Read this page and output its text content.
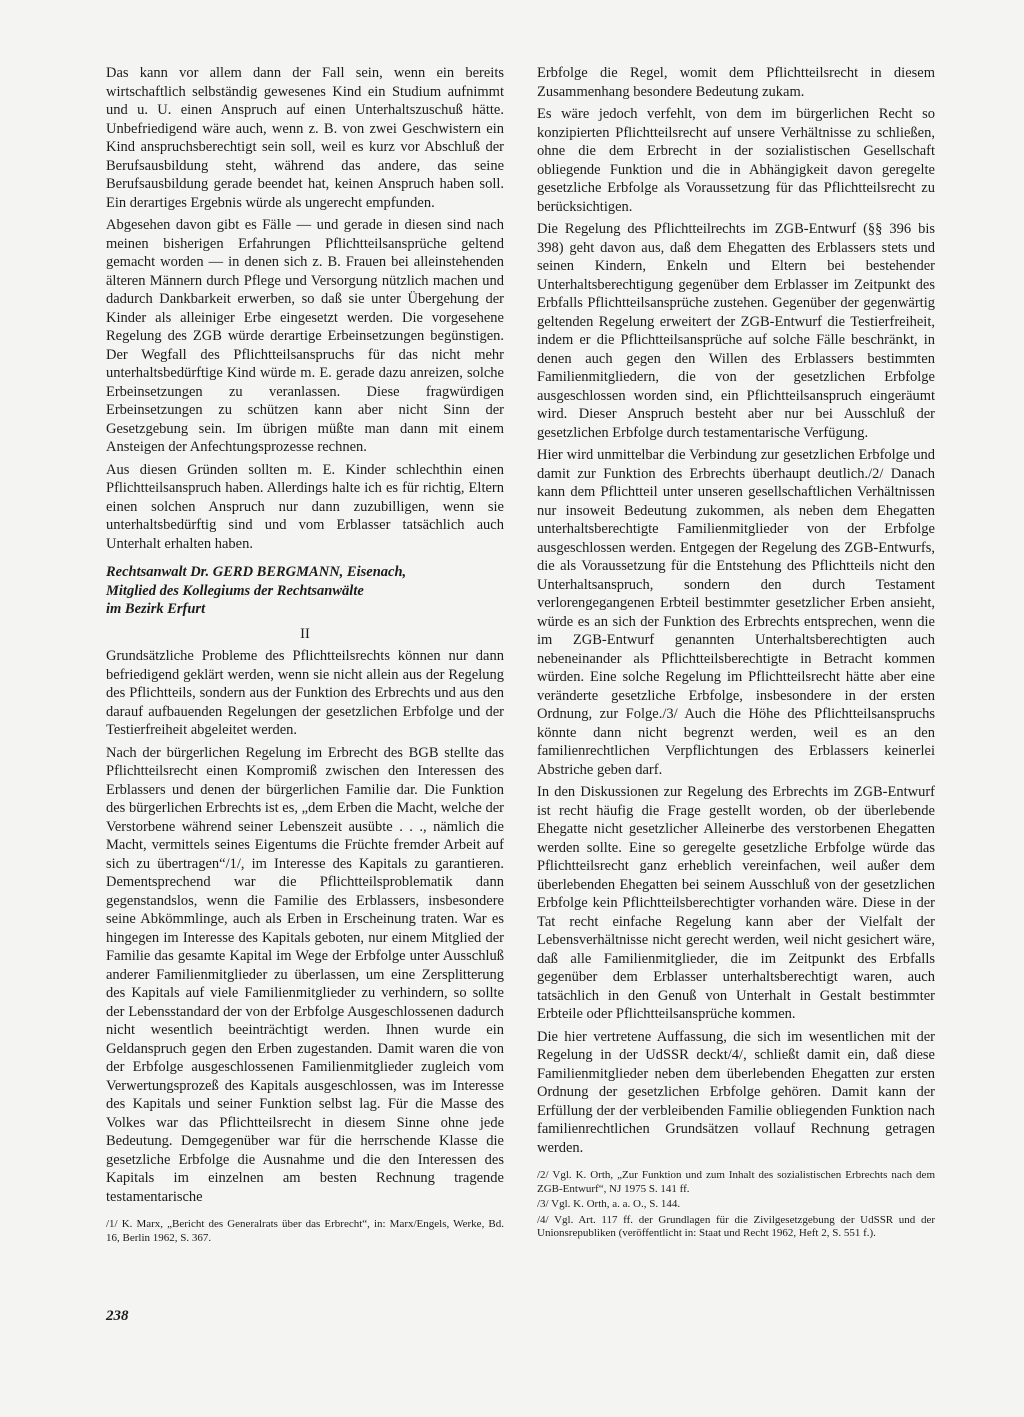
Das kann vor allem dann der Fall sein, wenn ein bereits wirtschaftlich selbständig gewesenes Kind ein Studium aufnimmt und u. U. einen Anspruch auf einen Unterhaltszuschuß hätte. Unbefriedigend wäre auch, wenn z. B. von zwei Geschwistern ein Kind anspruchsberechtigt sein soll, weil es kurz vor Abschluß der Berufsausbildung steht, während das andere, das seine Berufsausbildung gerade beendet hat, keinen Anspruch haben soll. Ein derartiges Ergebnis würde als ungerecht empfunden.

Abgesehen davon gibt es Fälle — und gerade in diesen sind nach meinen bisherigen Erfahrungen Pflichtteilsansprüche geltend gemacht worden — in denen sich z. B. Frauen bei alleinstehenden älteren Männern durch Pflege und Versorgung nützlich machen und dadurch Dankbarkeit erwerben, so daß sie unter Übergehung der Kinder als alleiniger Erbe eingesetzt werden. Die vorgesehene Regelung des ZGB würde derartige Erbeinsetzungen begünstigen. Der Wegfall des Pflichtteilsanspruchs für das nicht mehr unterhaltsbedürftige Kind würde m. E. gerade dazu anreizen, solche Erbeinsetzungen zu veranlassen. Diese fragwürdigen Erbeinsetzungen zu schützen kann aber nicht Sinn der Gesetzgebung sein. Im übrigen müßte man dann mit einem Ansteigen der Anfechtungsprozesse rechnen.

Aus diesen Gründen sollten m. E. Kinder schlechthin einen Pflichtteilsanspruch haben. Allerdings halte ich es für richtig, Eltern einen solchen Anspruch nur dann zuzubilligen, wenn sie unterhaltsbedürftig sind und vom Erblasser tatsächlich auch Unterhalt erhalten haben.

Rechtsanwalt Dr. GERD BERGMANN, Eisenach,
Mitglied des Kollegiums der Rechtsanwälte
im Bezirk Erfurt
II

Grundsätzliche Probleme des Pflichtteilsrechts können nur dann befriedigend geklärt werden, wenn sie nicht allein aus der Regelung des Pflichtteils, sondern aus der Funktion des Erbrechts und aus den darauf aufbauenden Regelungen der gesetzlichen Erbfolge und der Testierfreiheit abgeleitet werden.

Nach der bürgerlichen Regelung im Erbrecht des BGB stellte das Pflichtteilsrecht einen Kompromiß zwischen den Interessen des Erblassers und denen der bürgerlichen Familie dar. Die Funktion des bürgerlichen Erbrechts ist es, „dem Erben die Macht, welche der Verstorbene während seiner Lebenszeit ausübte . . ., nämlich die Macht, vermittels seines Eigentums die Früchte fremder Arbeit auf sich zu übertragen“/1/, im Interesse des Kapitals zu garantieren. Dementsprechend war die Pflichtteilsproblematik dann gegenstandslos, wenn die Familie des Erblassers, insbesondere seine Abkömmlinge, auch als Erben in Erscheinung traten. War es hingegen im Interesse des Kapitals geboten, nur einem Mitglied der Familie das gesamte Kapital im Wege der Erbfolge unter Ausschluß anderer Familienmitglieder zu überlassen, um eine Zersplitterung des Kapitals auf viele Familienmitglieder zu verhindern, so sollte der Lebensstandard der von der Erbfolge Ausgeschlossenen dadurch nicht wesentlich beeinträchtigt werden. Ihnen wurde ein Geldanspruch gegen den Erben zugestanden. Damit waren die von der Erbfolge ausgeschlossenen Familienmitglieder zugleich vom Verwertungsprozeß des Kapitals ausgeschlossen, was im Interesse des Kapitals und seiner Funktion selbst lag. Für die Masse des Volkes war das Pflichtteilsrecht in diesem Sinne ohne jede Bedeutung. Demgegenüber war für die herrschende Klasse die gesetzliche Erbfolge die Ausnahme und die den Interessen des Kapitals im einzelnen am besten Rechnung tragende testamentarische

/1/ K. Marx, „Bericht des Generalrats über das Erbrecht“, in: Marx/Engels, Werke, Bd. 16, Berlin 1962, S. 367.

Erbfolge die Regel, womit dem Pflichtteilsrecht in diesem Zusammenhang besondere Bedeutung zukam.

Es wäre jedoch verfehlt, von dem im bürgerlichen Recht so konzipierten Pflichtteilsrecht auf unsere Verhältnisse zu schließen, ohne die dem Erbrecht in der sozialistischen Gesellschaft obliegende Funktion und die in Abhängigkeit davon geregelte gesetzliche Erbfolge als Voraussetzung für das Pflichtteilsrecht zu berücksichtigen.

Die Regelung des Pflichtteilrechts im ZGB-Entwurf (§§ 396 bis 398) geht davon aus, daß dem Ehegatten des Erblassers stets und seinen Kindern, Enkeln und Eltern bei bestehender Unterhaltsberechtigung gegenüber dem Erblasser im Zeitpunkt des Erbfalls Pflichtteilsansprüche zustehen. Gegenüber der gegenwärtig geltenden Regelung erweitert der ZGB-Entwurf die Testierfreiheit, indem er die Pflichtteilsansprüche auf solche Fälle beschränkt, in denen auch gegen den Willen des Erblassers bestimmten Familienmitgliedern, die von der gesetzlichen Erbfolge ausgeschlossen worden sind, ein Pflichtteilsanspruch eingeräumt wird. Dieser Anspruch besteht aber nur bei Ausschluß der gesetzlichen Erbfolge durch testamentarische Verfügung.

Hier wird unmittelbar die Verbindung zur gesetzlichen Erbfolge und damit zur Funktion des Erbrechts überhaupt deutlich./2/ Danach kann dem Pflichtteil unter unseren gesellschaftlichen Verhältnissen nur insoweit Bedeutung zukommen, als neben dem Ehegatten unterhaltsberechtigte Familienmitglieder von der Erbfolge ausgeschlossen werden. Entgegen der Regelung des ZGB-Entwurfs, die als Voraussetzung für die Entstehung des Pflichtteils nicht den Unterhaltsanspruch, sondern den durch Testament verlorengegangenen Erbteil bestimmter gesetzlicher Erben ansieht, würde es an sich der Funktion des Erbrechts entsprechen, wenn die im ZGB-Entwurf genannten Unterhaltsberechtigten auch nebeneinander als Pflichtteilsberechtigte in Betracht kommen würden. Eine solche Regelung im Pflichtteilsrecht hätte aber eine veränderte gesetzliche Erbfolge, insbesondere in der ersten Ordnung, zur Folge./3/ Auch die Höhe des Pflichtteilsanspruchs könnte dann nicht begrenzt werden, weil es an den familienrechtlichen Verpflichtungen des Erblassers keinerlei Abstriche geben darf.

In den Diskussionen zur Regelung des Erbrechts im ZGB-Entwurf ist recht häufig die Frage gestellt worden, ob der überlebende Ehegatte nicht gesetzlicher Alleinerbe des verstorbenen Ehegatten werden sollte. Eine so geregelte gesetzliche Erbfolge würde das Pflichtteilsrecht ganz erheblich vereinfachen, weil außer dem überlebenden Ehegatten bei seinem Ausschluß von der gesetzlichen Erbfolge kein Pflichtteilsberechtigter vorhanden wäre. Diese in der Tat recht einfache Regelung kann aber der Vielfalt der Lebensverhältnisse nicht gerecht werden, weil nicht gesichert wäre, daß alle Familienmitglieder, die im Zeitpunkt des Erbfalls gegenüber dem Erblasser unterhaltsberechtigt waren, auch tatsächlich in den Genuß von Unterhalt in Gestalt bestimmter Erbteile oder Pflichtteilsansprüche kommen.

Die hier vertretene Auffassung, die sich im wesentlichen mit der Regelung in der UdSSR deckt/4/, schließt damit ein, daß diese Familienmitglieder neben dem überlebenden Ehegatten zur ersten Ordnung der gesetzlichen Erbfolge gehören. Damit kann der Erfüllung der der verbleibenden Familie obliegenden Funktion nach familienrechtlichen Grundsätzen vollauf Rechnung getragen werden.

/2/ Vgl. K. Orth, „Zur Funktion und zum Inhalt des sozialistischen Erbrechts nach dem ZGB-Entwurf“, NJ 1975 S. 141 ff.

/3/ Vgl. K. Orth, a. a. O., S. 144.

/4/ Vgl. Art. 117 ff. der Grundlagen für die Zivilgesetzgebung der UdSSR und der Unionsrepubliken (veröffentlicht in: Staat und Recht 1962, Heft 2, S. 551 f.).

238
